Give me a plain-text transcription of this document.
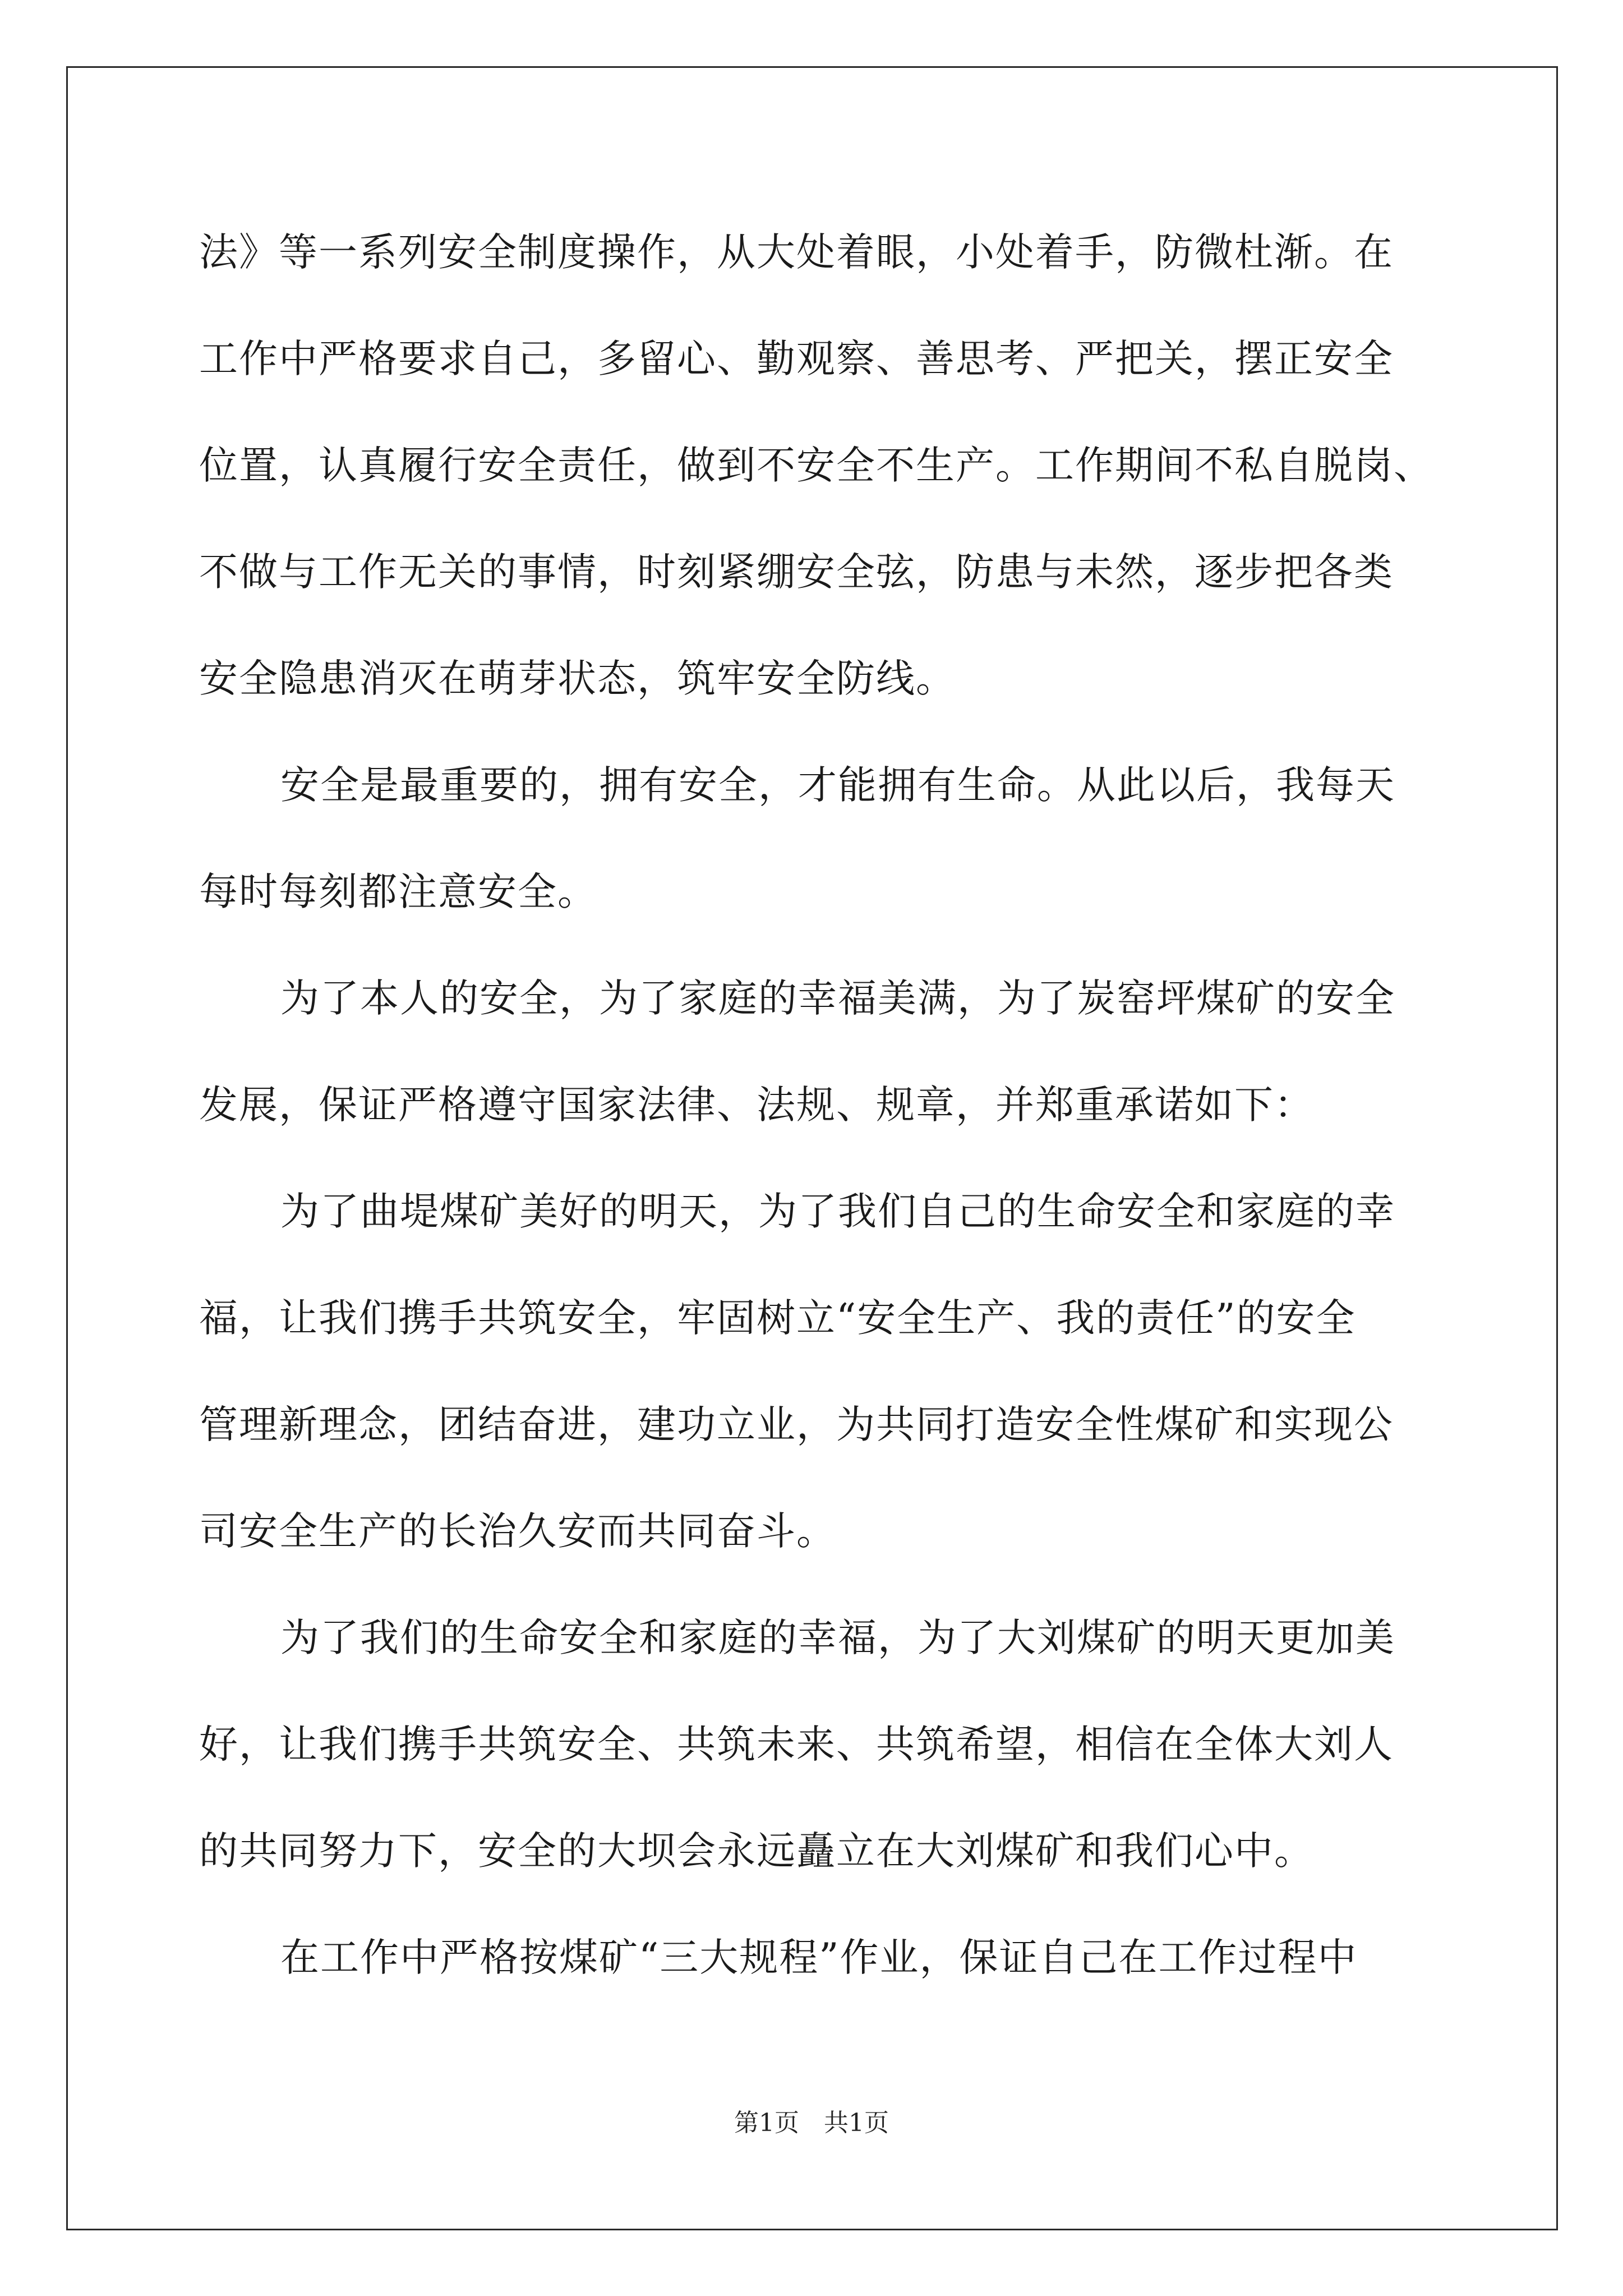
法》等一系列安全制度操作，从大处着眼，小处着手，防微杜渐。在
工作中严格要求自己，多留心、勤观察、善思考、严把关，摆正安全
位置，认真履行安全责任，做到不安全不生产。工作期间不私自脱岗、
不做与工作无关的事情，时刻紧绷安全弦，防患与未然，逐步把各类
安全隐患消灭在萌芽状态，筑牢安全防线。
安全是最重要的，拥有安全，才能拥有生命。从此以后，我每天
每时每刻都注意安全。
为了本人的安全，为了家庭的幸福美满，为了炭窑坪煤矿的安全
发展，保证严格遵守国家法律、法规、规章，并郑重承诺如下：
为了曲堤煤矿美好的明天，为了我们自己的生命安全和家庭的幸
福，让我们携手共筑安全，牢固树立“安全生产、我的责任”的安全
管理新理念，团结奋进，建功立业，为共同打造安全性煤矿和实现公
司安全生产的长治久安而共同奋斗。
为了我们的生命安全和家庭的幸福，为了大刘煤矿的明天更加美
好，让我们携手共筑安全、共筑未来、共筑希望，相信在全体大刘人
的共同努力下，安全的大坝会永远矗立在大刘煤矿和我们心中。
在工作中严格按煤矿“三大规程”作业，保证自己在工作过程中
第1页　共1页
